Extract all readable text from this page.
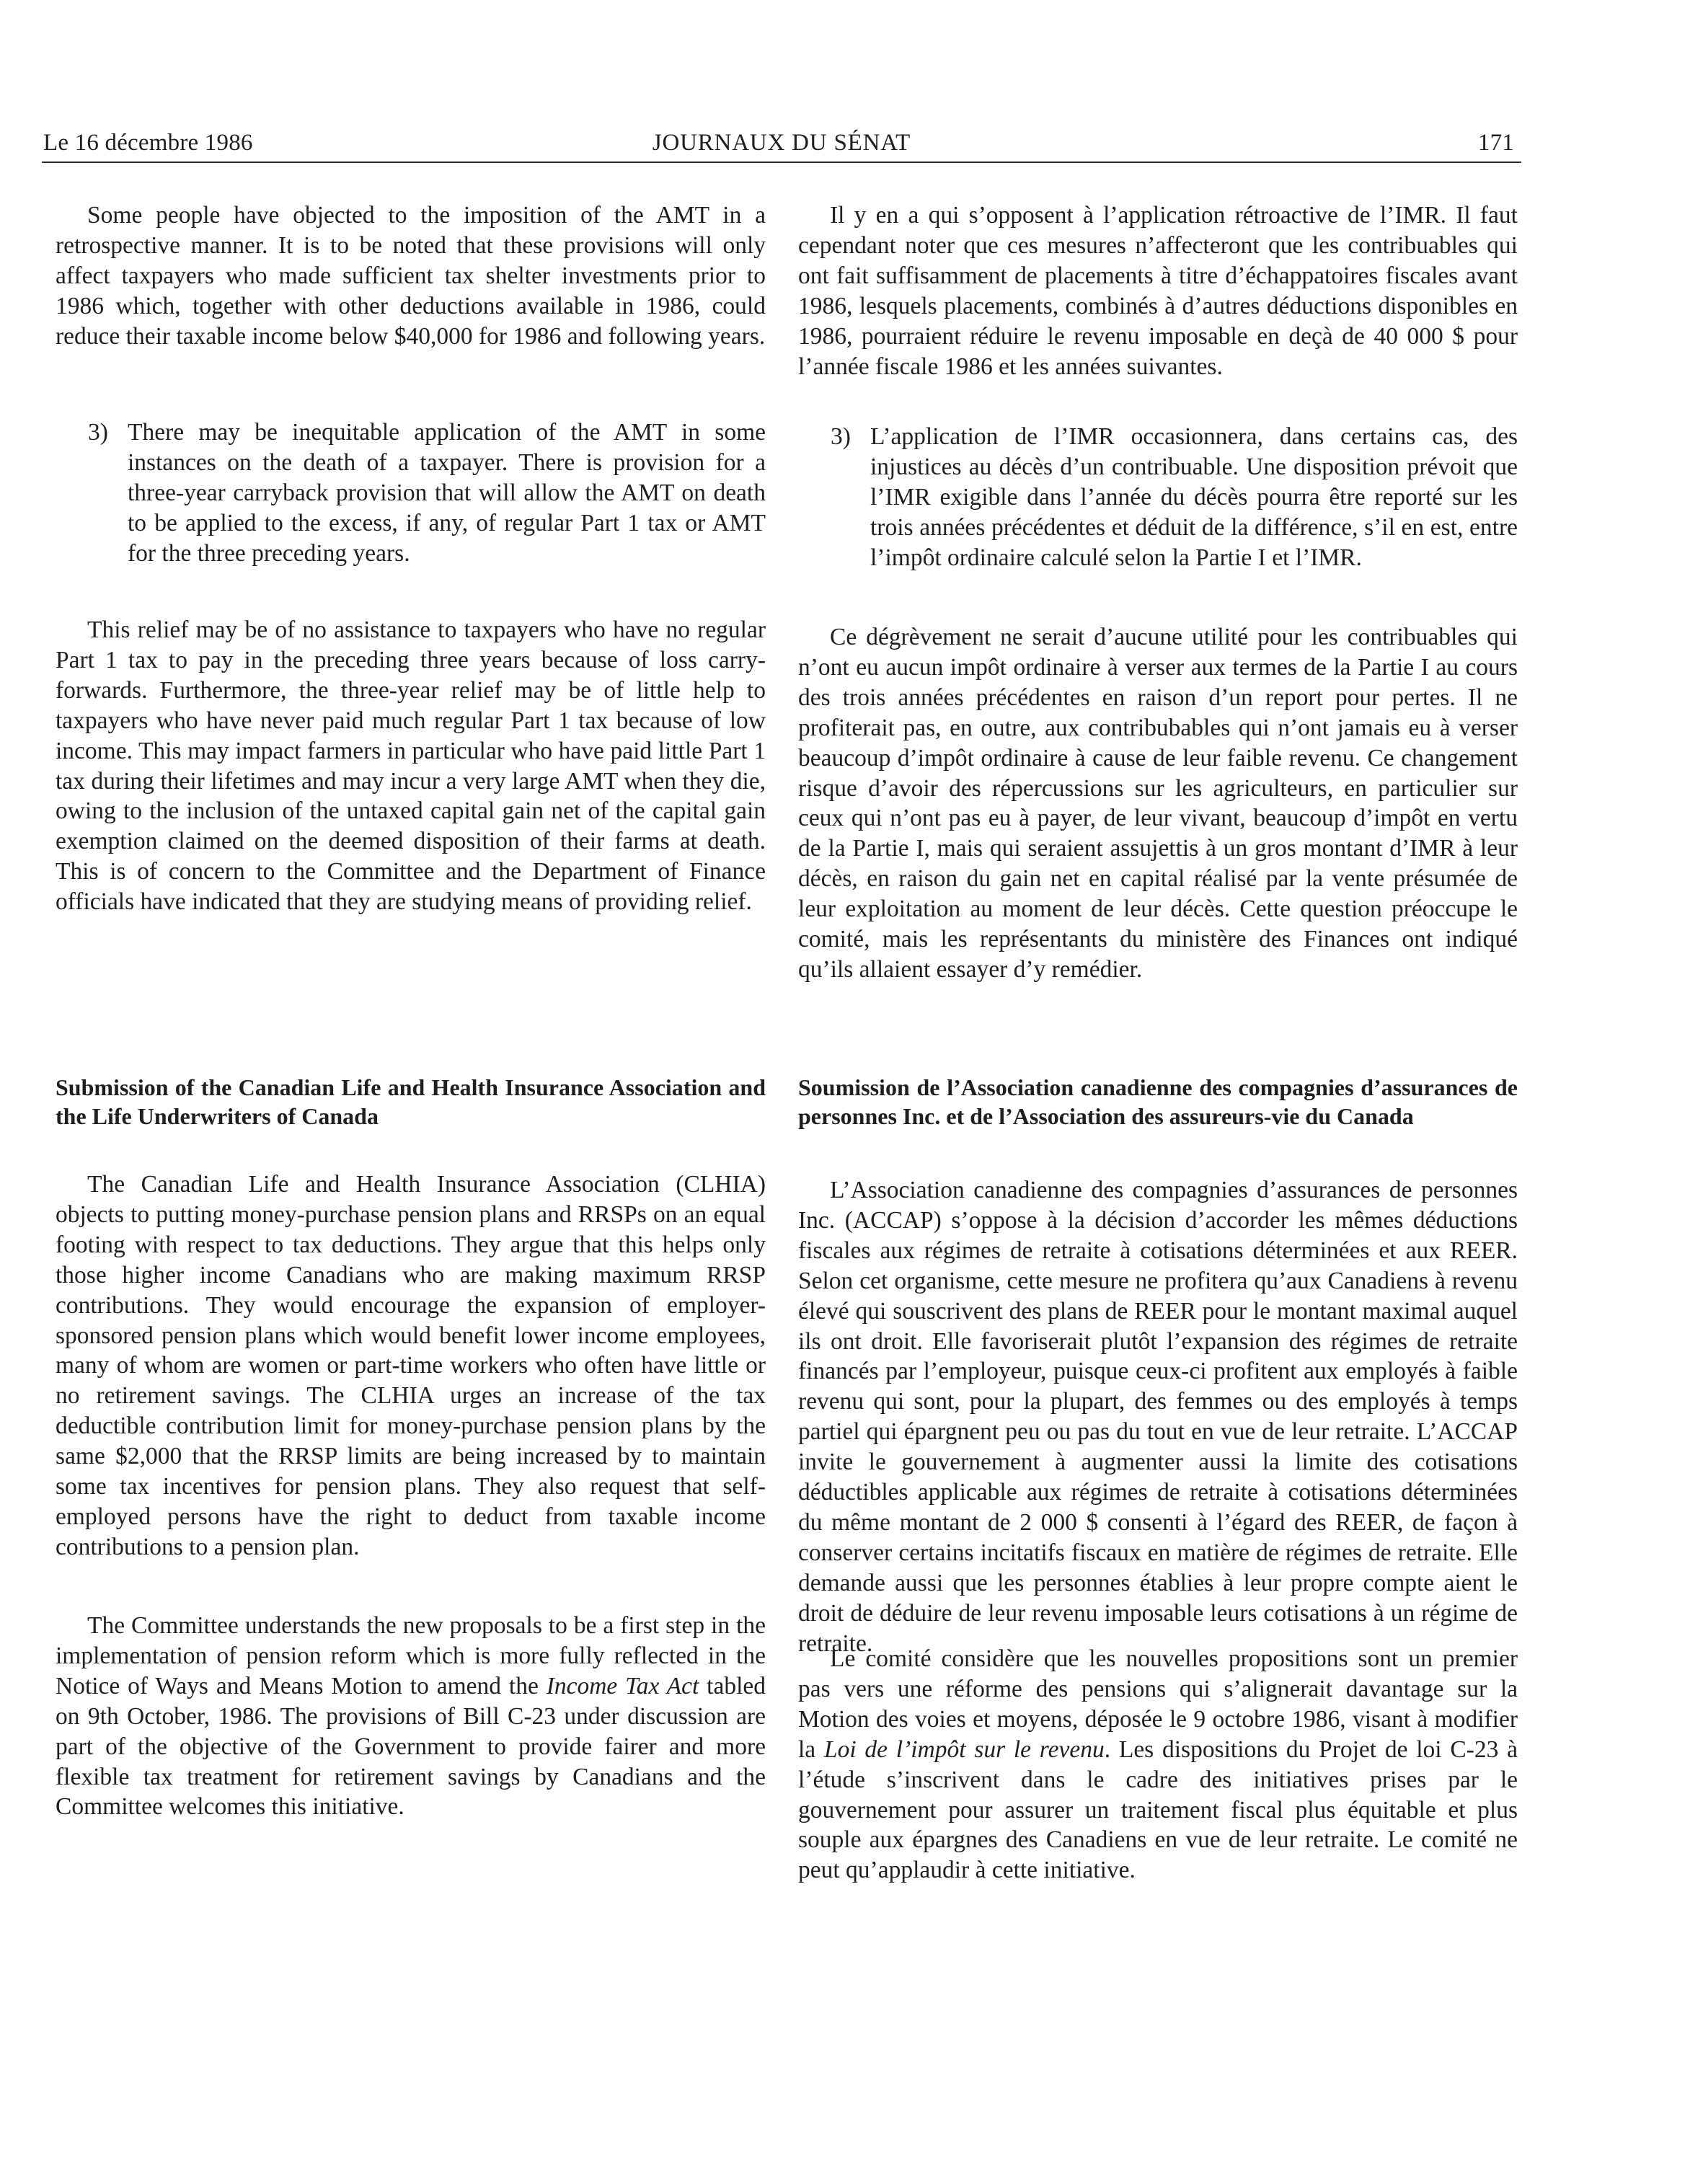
JOURNAUX DU SÉNAT
Le 16 décembre 1986	171

Some people have objected to the imposition of the AMT in a retrospective manner. It is to be noted that these provisions will only affect taxpayers who made sufficient tax shelter investments prior to 1986 which, together with other deductions available in 1986, could reduce their taxable income below $40,000 for 1986 and following years.

3) There may be inequitable application of the AMT in some instances on the death of a taxpayer. There is provision for a three-year carryback provision that will allow the AMT on death to be applied to the excess, if any, of regular Part 1 tax or AMT for the three preceding years.

This relief may be of no assistance to taxpayers who have no regular Part 1 tax to pay in the preceding three years because of loss carry-forwards. Furthermore, the three-year relief may be of little help to taxpayers who have never paid much regular Part 1 tax because of low income. This may impact farmers in particular who have paid little Part 1 tax during their lifetimes and may incur a very large AMT when they die, owing to the inclusion of the untaxed capital gain net of the capital gain exemption claimed on the deemed disposition of their farms at death. This is of concern to the Committee and the Department of Finance officials have indicated that they are studying means of providing relief.

Submission of the Canadian Life and Health Insurance Association and the Life Underwriters of Canada

The Canadian Life and Health Insurance Association (CLHIA) objects to putting money-purchase pension plans and RRSPs on an equal footing with respect to tax deductions. They argue that this helps only those higher income Canadians who are making maximum RRSP contributions. They would encourage the expansion of employer-sponsored pension plans which would benefit lower income employees, many of whom are women or part-time workers who often have little or no retirement savings. The CLHIA urges an increase of the tax deductible contribution limit for money-purchase pension plans by the same $2,000 that the RRSP limits are being increased by to maintain some tax incentives for pension plans. They also request that self-employed persons have the right to deduct from taxable income contributions to a pension plan.

The Committee understands the new proposals to be a first step in the implementation of pension reform which is more fully reflected in the Notice of Ways and Means Motion to amend the Income Tax Act tabled on 9th October, 1986. The provisions of Bill C-23 under discussion are part of the objective of the Government to provide fairer and more flexible tax treatment for retirement savings by Canadians and the Committee welcomes this initiative.

Il y en a qui s’opposent à l’application rétroactive de l’IMR. Il faut cependant noter que ces mesures n’affecteront que les contribuables qui ont fait suffisamment de placements à titre d’échappatoires fiscales avant 1986, lesquels placements, combinés à d’autres déductions disponibles en 1986, pourraient réduire le revenu imposable en deçà de 40 000 $ pour l’année fiscale 1986 et les années suivantes.

3) L’application de l’IMR occasionnera, dans certains cas, des injustices au décès d’un contribuable. Une disposition prévoit que l’IMR exigible dans l’année du décès pourra être reporté sur les trois années précédentes et déduit de la différence, s’il en est, entre l’impôt ordinaire calculé selon la Partie I et l’IMR.

Ce dégrèvement ne serait d’aucune utilité pour les contribuables qui n’ont eu aucun impôt ordinaire à verser aux termes de la Partie I au cours des trois années précédentes en raison d’un report pour pertes. Il ne profiterait pas, en outre, aux contribubables qui n’ont jamais eu à verser beaucoup d’impôt ordinaire à cause de leur faible revenu. Ce changement risque d’avoir des répercussions sur les agriculteurs, en particulier sur ceux qui n’ont pas eu à payer, de leur vivant, beaucoup d’impôt en vertu de la Partie I, mais qui seraient assujettis à un gros montant d’IMR à leur décès, en raison du gain net en capital réalisé par la vente présumée de leur exploitation au moment de leur décès. Cette question préoccupe le comité, mais les représentants du ministère des Finances ont indiqué qu’ils allaient essayer d’y remédier.

Soumission de l’Association canadienne des compagnies d’assurances de personnes Inc. et de l’Association des assureurs-vie du Canada

L’Association canadienne des compagnies d’assurances de personnes Inc. (ACCAP) s’oppose à la décision d’accorder les mêmes déductions fiscales aux régimes de retraite à cotisations déterminées et aux REER. Selon cet organisme, cette mesure ne profitera qu’aux Canadiens à revenu élevé qui souscrivent des plans de REER pour le montant maximal auquel ils ont droit. Elle favoriserait plutôt l’expansion des régimes de retraite financés par l’employeur, puisque ceux-ci profitent aux employés à faible revenu qui sont, pour la plupart, des femmes ou des employés à temps partiel qui épargnent peu ou pas du tout en vue de leur retraite. L’ACCAP invite le gouvernement à augmenter aussi la limite des cotisations déductibles applicable aux régimes de retraite à cotisations déterminées du même montant de 2 000 $ consenti à l’égard des REER, de façon à conserver certains incitatifs fiscaux en matière de régimes de retraite. Elle demande aussi que les personnes établies à leur propre compte aient le droit de déduire de leur revenu imposable leurs cotisations à un régime de retraite.

Le comité considère que les nouvelles propositions sont un premier pas vers une réforme des pensions qui s’alignerait davantage sur la Motion des voies et moyens, déposée le 9 octobre 1986, visant à modifier la Loi de l’impôt sur le revenu. Les dispositions du Projet de loi C-23 à l’étude s’inscrivent dans le cadre des initiatives prises par le gouvernement pour assurer un traitement fiscal plus équitable et plus souple aux épargnes des Canadiens en vue de leur retraite. Le comité ne peut qu’applaudir à cette initiative.
